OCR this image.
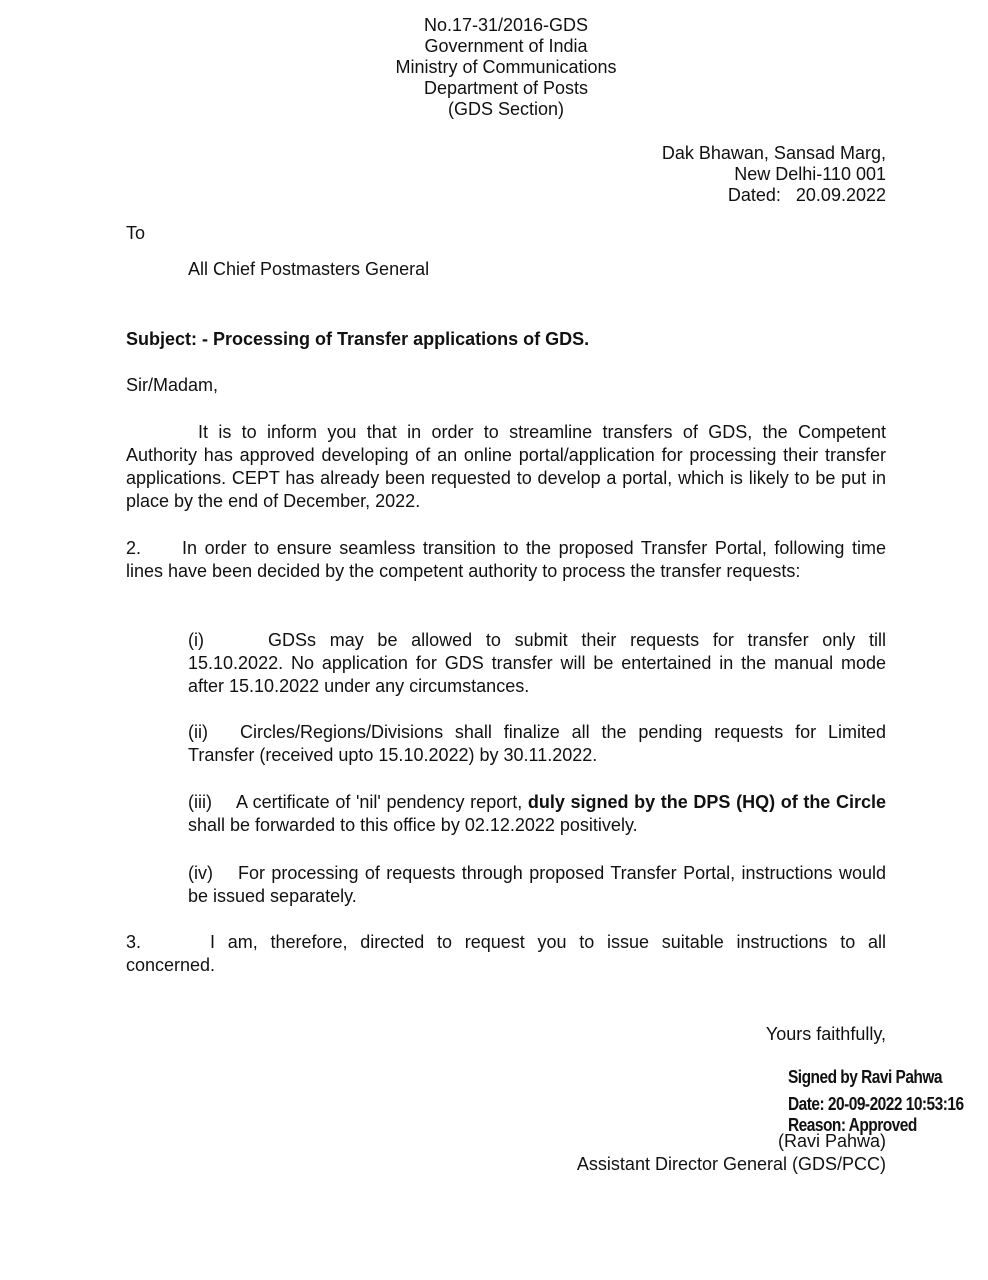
No.17-31/2016-GDS
Government of India
Ministry of Communications
Department of Posts
(GDS Section)
Dak Bhawan, Sansad Marg,
New Delhi-110 001
Dated: 20.09.2022
To
All Chief Postmasters General
Subject: - Processing of Transfer applications of GDS.
Sir/Madam,
It is to inform you that in order to streamline transfers of GDS, the Competent Authority has approved developing of an online portal/application for processing their transfer applications. CEPT has already been requested to develop a portal, which is likely to be put in place by the end of December, 2022.
2. In order to ensure seamless transition to the proposed Transfer Portal, following time lines have been decided by the competent authority to process the transfer requests:
(i)	GDSs may be allowed to submit their requests for transfer only till 15.10.2022. No application for GDS transfer will be entertained in the manual mode after 15.10.2022 under any circumstances.
(ii) Circles/Regions/Divisions shall finalize all the pending requests for Limited Transfer (received upto 15.10.2022) by 30.11.2022.
(iii) A certificate of 'nil' pendency report, duly signed by the DPS (HQ) of the Circle shall be forwarded to this office by 02.12.2022 positively.
(iv) For processing of requests through proposed Transfer Portal, instructions would be issued separately.
3.	I am, therefore, directed to request you to issue suitable instructions to all concerned.
Yours faithfully,
(Ravi Pahwa)
Signed by Ravi Pahwa
Date: 20-09-2022 10:53:16
Reason: Approved
Assistant Director General (GDS/PCC)
